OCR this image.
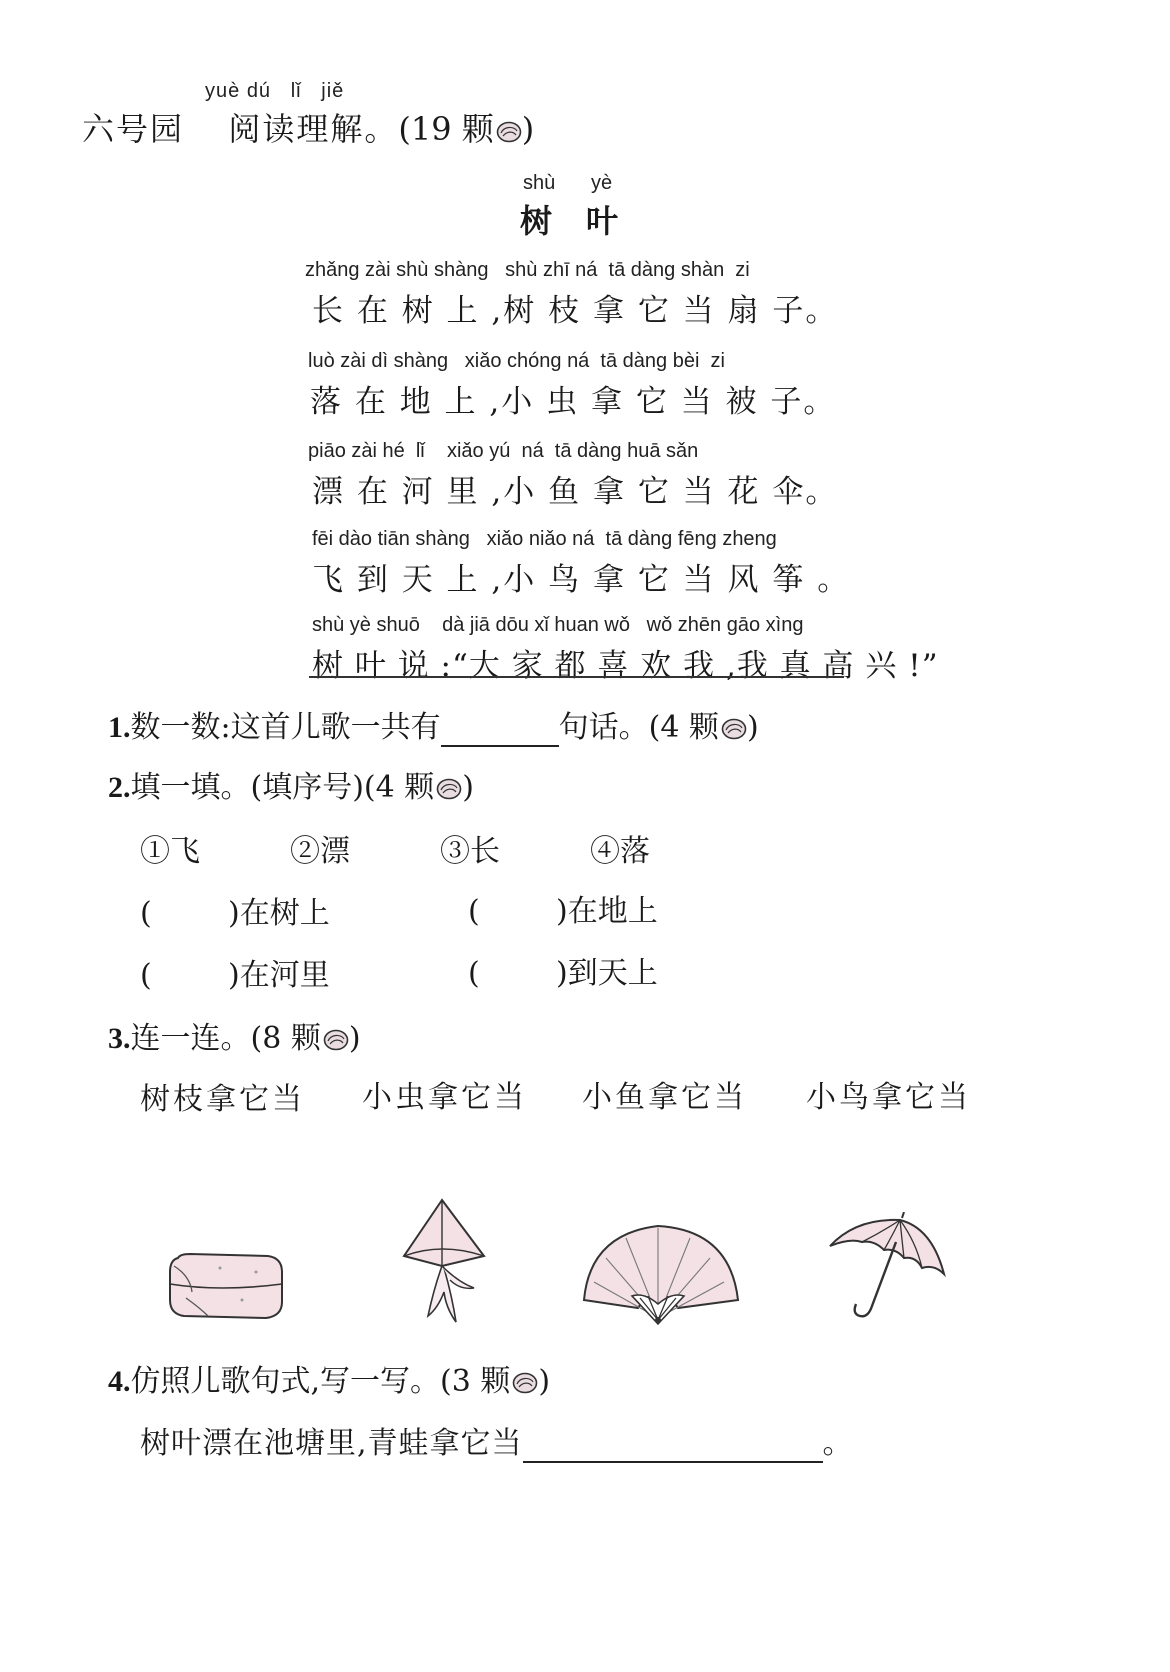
yuè dú lǐ jiě
六号园 阅读理解。(19 颗 )
shù yè
树 叶
zhǎng zài shù shàng   shù zhī ná  tā dàng shàn  zi
长 在 树 上 ,树 枝 拿 它 当 扇 子。
luò zài dì shàng   xiǎo chóng ná  tā dàng bèi  zi
落 在 地 上 ,小 虫 拿 它 当 被 子。
piāo zài hé  lǐ    xiǎo yú  ná  tā dàng huā sǎn
漂 在 河 里 ,小 鱼 拿 它 当 花 伞。
fēi dào tiān shàng   xiǎo niǎo ná  tā dàng fēng zheng
飞 到 天 上 ,小 鸟 拿 它 当 风 筝 。
shù yè shuō    dà jiā dōu xǐ huan wǒ   wǒ zhēn gāo xìng
树 叶 说 :“大 家 都 喜 欢 我 ,我 真 高 兴 !”
1.数一数:这首儿歌一共有	句话。(4 颗 )
2.填一填。(填序号)(4 颗 )
①飞	②漂	③长	④落
(        )在树上	(        )在地上
(        )在河里	(        )到天上
3.连一连。(8 颗 )
树枝拿它当 小虫拿它当 小鱼拿它当 小鸟拿它当
4.仿照儿歌句式,写一写。(3 颗 )
树叶漂在池塘里,青蛙拿它当	。
